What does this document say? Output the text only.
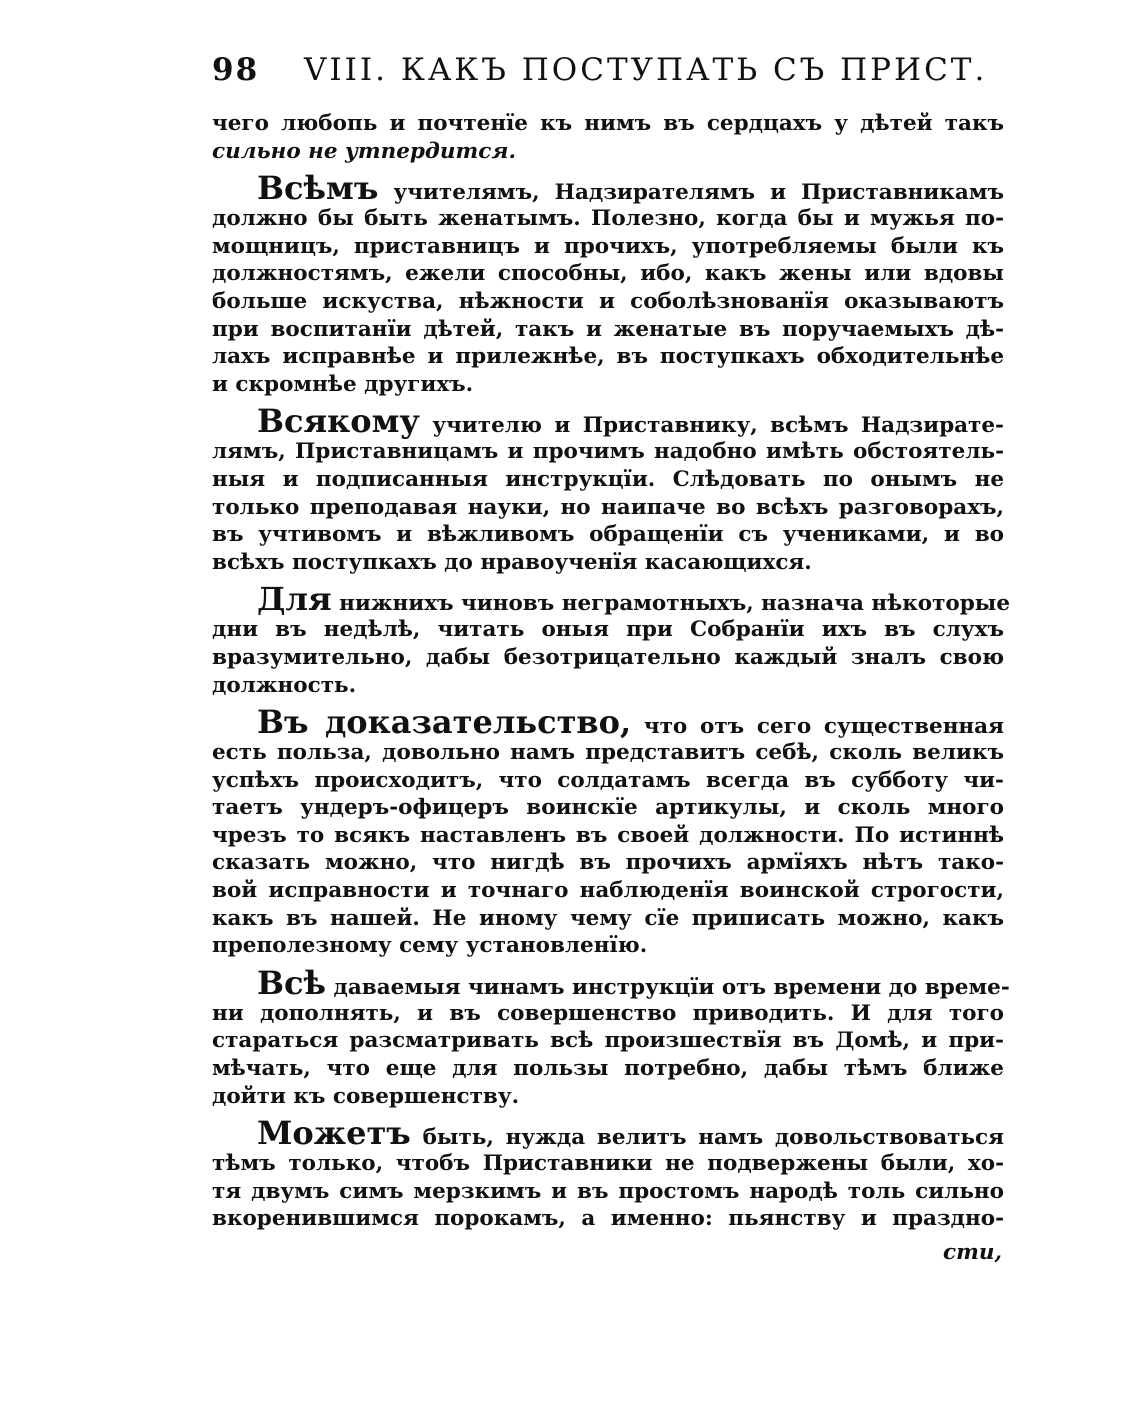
98 VIII. КАКЪ ПОСТУПАТЬ СЪ ПРИСТ.
чего любопь и почтенїе къ нимъ въ сердцахъ у дѣтей такъ
сильно не утпердится.
Всѣмъ учителямъ, Надзирателямъ и Приставникамъ
должно бы быть женатымъ. Полезно, когда бы и мужья по-
мощницъ, приставницъ и прочихъ, употребляемы были къ
должностямъ, ежели способны, ибо, какъ жены или вдовы
больше искуства, нѣжности и соболѣзнованїя оказываютъ
при воспитанїи дѣтей, такъ и женатые въ поручаемыхъ дѣ-
лахъ исправнѣе и прилежнѣе, въ поступкахъ обходительнѣе
и скромнѣе другихъ.
Всякому учителю и Приставнику, всѣмъ Надзирате-
лямъ, Приставницамъ и прочимъ надобно имѣть обстоятель-
ныя и подписанныя инструкцїи. Слѣдовать по онымъ не
только преподавая науки, но наипаче во всѣхъ разговорахъ,
въ учтивомъ и вѣжливомъ обращенїи съ учениками, и во
всѣхъ поступкахъ до нравоученїя касающихся.
Для нижнихъ чиновъ неграмотныхъ, назнача нѣкоторые
дни въ недѣлѣ, читать оныя при Собранїи ихъ въ слухъ
вразумительно, дабы безотрицательно каждый зналъ свою
должность.
Въ доказательство, что отъ сего существенная
есть польза, довольно намъ представитъ себѣ, сколь великъ
успѣхъ происходитъ, что солдатамъ всегда въ субботу чи-
таетъ ундеръ-офицеръ воинскїе артикулы, и сколь много
чрезъ то всякъ наставленъ въ своей должности. По истиннѣ
сказать можно, что нигдѣ въ прочихъ армїяхъ нѣтъ тако-
вой исправности и точнаго наблюденїя воинской строгости,
какъ въ нашей. Не иному чему сїе приписать можно, какъ
преполезному сему установленїю.
Всѣ даваемыя чинамъ инструкцїи отъ времени до време-
ни дополнять, и въ совершенство приводить. И для того
стараться разсматривать всѣ произшествїя въ Домѣ, и при-
мѣчать, что еще для пользы потребно, дабы тѣмъ ближе
дойти къ совершенству.
Можетъ быть, нужда велитъ намъ довольствоваться
тѣмъ только, чтобъ Приставники не подвержены были, хо-
тя двумъ симъ мерзкимъ и въ простомъ народѣ толь сильно
вкоренившимся порокамъ, а именно: пьянству и праздно-
сти,
